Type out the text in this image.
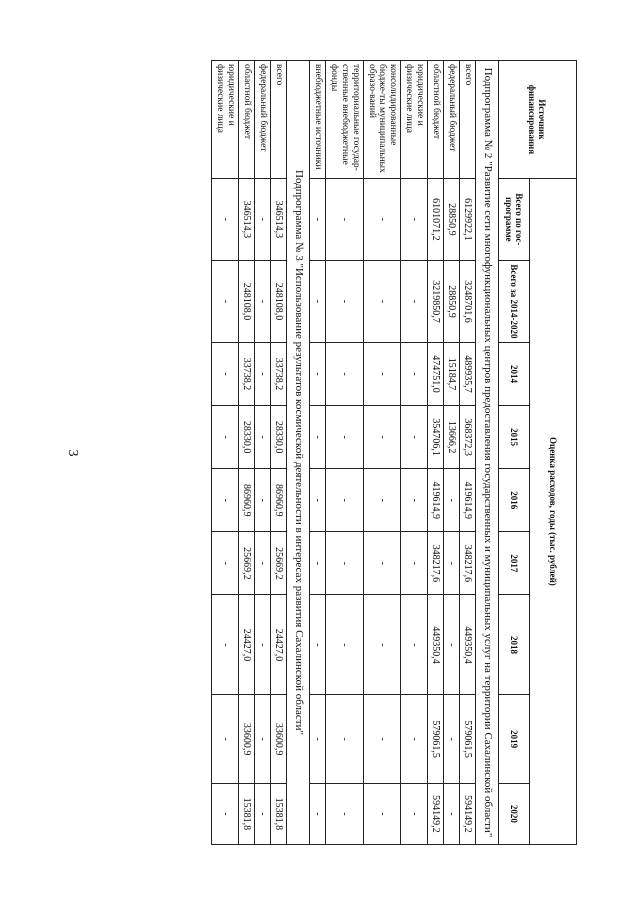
3
Источник финансирования	Оценка расходов, годы (тыс. рублей)								
	Всего по гос-программе	Всего за 2014-2020	2014	2015	2016	2017	2018	2019	2020
Подпрограмма № 2 "Развитие сети многофункциональных центров предоставления государственных и муниципальных услуг на территории Сахалинской области"									
всего	6129922,1	3248701,6	489935,7	368372,3	419614,9	348217,6	449350,4	579061,5	594149,2
федеральный бюджет	28850,9	28850,9	15184,7	13666,2	-	-	-	-	-
областной бюджет	6101071,2	3219850,7	474751,0	354706,1	419614,9	348217,6	449350,4	579061,5	594149,2
юридические и физические лица	-	-	-	-	-	-	-	-	-
консолидированные бюдже-ты муниципальных образо-ваний	-	-	-	-	-	-	-	-	-
территориальные государ-ственные внебюджетные фонды	-	-	-	-	-	-	-	-	-
внебюджетные источники	-	-	-	-	-	-	-	-	-
Подпрограмма № 3 "Использование результатов космической деятельности в интересах развития Сахалинской области"									
всего	346514,3	248108,0	33738,2	28330,0	86960,9	25669,2	24427,0	33600,9	15381,8
федеральный бюджет	-	-	-	-	-	-	-	-	-
областной бюджет	346514,3	248108,0	33738,2	28330,0	86960,9	25669,2	24427,0	33600,9	15381,8
юридические и физические лица	-	-	-	-	-	-	-	-	-
